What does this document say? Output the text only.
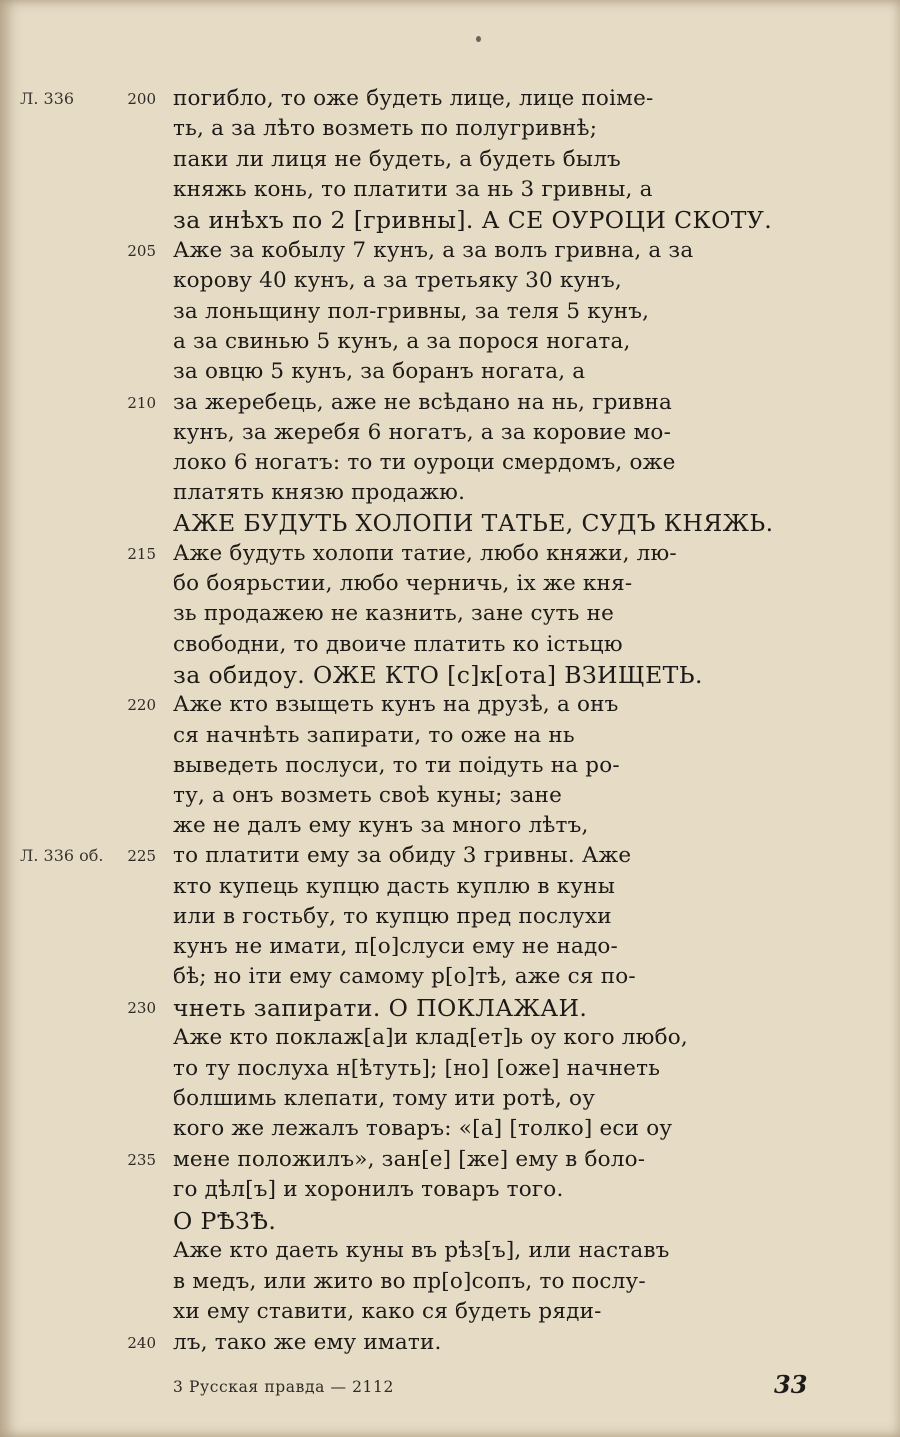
Л. 336
Л. 336 об.
200
205
210
215
220
225
230
235
240
погибло, то оже будеть лице, лице поіме-
ть, а за лѣто возметь по полугривнѣ;
паки ли лиця не будеть, а будеть былъ
княжь конь, то платити за нь 3 гривны, а
за инѣхъ по 2 [гривны]. А СЕ ОУРОЦИ СКОТУ.
Аже за кобылу 7 кунъ, а за волъ гривна, а за
корову 40 кунъ, а за третьяку 30 кунъ,
за лоньщину пол-гривны, за теля 5 кунъ,
а за свинью 5 кунъ, а за порося ногата,
за овцю 5 кунъ, за боранъ ногата, а
за жеребець, аже не всѣдано на нь, гривна
кунъ, за жеребя 6 ногатъ, а за коровие мо-
локо 6 ногатъ: то ти оуроци смердомъ, оже
платять князю продажю.
АЖЕ БУДУТЬ ХОЛОПИ ТАТЬЕ, СУДЪ КНЯЖЬ.
Аже будуть холопи татие, любо княжи, лю-
бо боярьстии, любо черничь, іх же кня-
зь продажею не казнить, зане суть не
свободни, то двоиче платить ко істьцю
за обидоу. ОЖЕ КТО [с]к[ота] ВЗИЩЕТЬ.
Аже кто взыщеть кунъ на друзѣ, а онъ
ся начнѣть запирати, то оже на нь
выведеть послуси, то ти поідуть на ро-
ту, а онъ возметь своѣ куны; зане
же не далъ ему кунъ за много лѣтъ,
то платити ему за обиду 3 гривны. Аже
кто купець купцю дасть куплю в куны
или в гостьбу, то купцю пред послухи
кунъ не имати, п[о]слуси ему не надо-
бѣ; но іти ему самому р[о]тѣ, аже ся по-
чнеть запирати. О ПОКЛАЖАИ.
Аже кто поклаж[а]и клад[ет]ь оу кого любо,
то ту послуха н[ѣтуть]; [но] [оже] начнеть
болшимь клепати, тому ити ротѣ, оу
кого же лежалъ товаръ: «[а] [толко] еси оу
мене положилъ», зан[е] [же] ему в боло-
го дѣл[ъ] и хоронилъ товаръ того.
О РѢЗѢ.
Аже кто даеть куны въ рѣз[ъ], или наставъ
в медъ, или жито во пр[о]сопъ, то послу-
хи ему ставити, како ся будеть ряди-
лъ, тако же ему имати.
3 Русская правда — 2112	33
